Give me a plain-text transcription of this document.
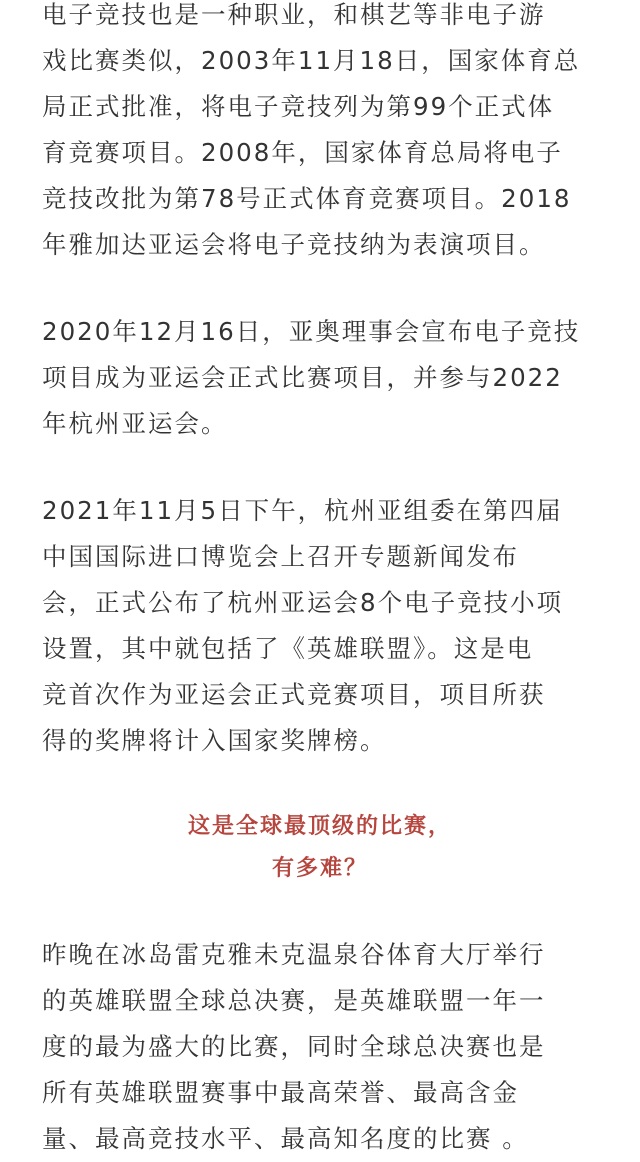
电子竞技也是一种职业，和棋艺等非电子游
戏比赛类似，2003年11月18日，国家体育总
局正式批准，将电子竞技列为第99个正式体
育竞赛项目。2008年，国家体育总局将电子
竞技改批为第78号正式体育竞赛项目。2018
年雅加达亚运会将电子竞技纳为表演项目。

2020年12月16日，亚奥理事会宣布电子竞技
项目成为亚运会正式比赛项目，并参与2022
年杭州亚运会。

2021年11月5日下午，杭州亚组委在第四届
中国国际进口博览会上召开专题新闻发布
会，正式公布了杭州亚运会8个电子竞技小项
设置，其中就包括了《英雄联盟》。这是电
竞首次作为亚运会正式竞赛项目，项目所获
得的奖牌将计入国家奖牌榜。

这是全球最顶级的比赛，
有多难？

昨晚在冰岛雷克雅未克温泉谷体育大厅举行
的英雄联盟全球总决赛，是英雄联盟一年一
度的最为盛大的比赛，同时全球总决赛也是
所有英雄联盟赛事中最高荣誉、最高含金
量、最高竞技水平、最高知名度的比赛 。
